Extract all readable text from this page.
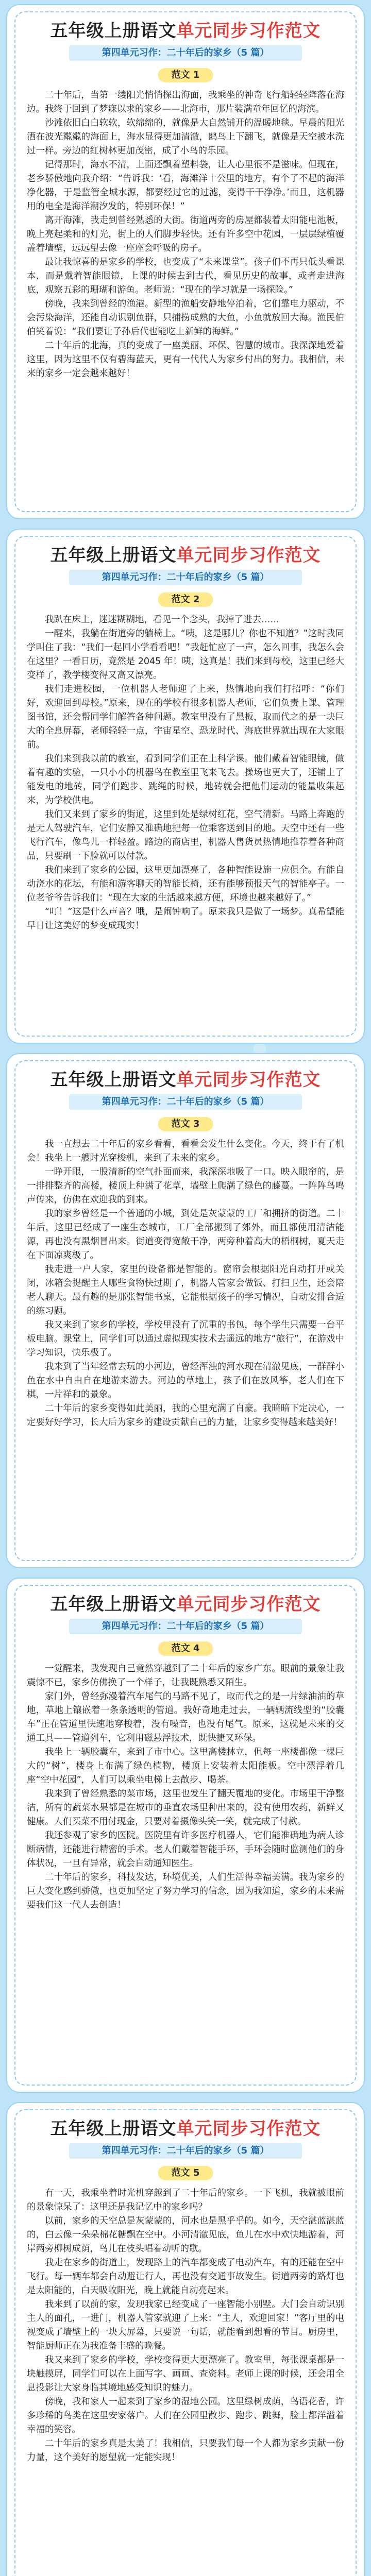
五年级上册语文单元同步习作范文
第四单元习作：二十年后的家乡（5 篇）
范文 1

二十年后，当第一缕阳光悄悄探出海面，我乘坐的神奇飞行船轻轻降落在海边。我终于回到了梦寐以求的家乡——北海市，那片装满童年回忆的海滨。

沙滩依旧白白软软，软绵绵的，就像是大自然铺开的温暖地毯。早晨的阳光洒在波光粼粼的海面上，海水显得更加清澈，鸥鸟上下翻飞，就像是天空被水洗过一样。旁边的红树林更加茂密，成了小鸟的乐园。

记得那时，海水不清，上面还飘着塑料袋，让人心里很不是滋味。但现在，老乡骄傲地向我介绍：“告诉我：‘看，海滩洋十公里的地方，有个了不起的海洋净化器，于是监管全城水源，都要经过它的过滤，变得干干净净。’而且，这机器用的电全是海洋潮汐发的，特别环保！”

离开海滩，我走到曾经熟悉的大街。街道两旁的房屋都装着太阳能电池板，晚上亮起柔和的灯光，街上的人们脚步轻快。还有许多空中花园，一层层绿植覆盖着墙壁，远远望去像一座座会呼吸的房子。

最让我惊喜的是家乡的学校，也变成了“未来课堂”。孩子们不再只低头看课本，而是戴着智能眼镜，上课的时候去到古代，看见历史的故事，或者走进海底，观察五彩的珊瑚和游鱼。老师说：“现在的学习就是一场探险。”

傍晚，我来到曾经的渔港。新型的渔船安静地停泊着，它们靠电力驱动，不会污染海洋，还能自动识别鱼群，只捕捞成熟的大鱼，小鱼就放回大海。渔民伯伯笑着说：“我们要让子孙后代也能吃上新鲜的海鲜。”

二十年后的北海，真的变成了一座美丽、环保、智慧的城市。我深深地爱着这里，因为这里不仅有碧海蓝天，更有一代代人为家乡付出的努力。我相信，未来的家乡一定会越来越好！

五年级上册语文单元同步习作范文
第四单元习作：二十年后的家乡（5 篇）
范文 2

我趴在床上，迷迷糊糊地，看见一个念头，我掉了进去……

一醒来，我躺在街道旁的躺椅上。“咦，这是哪儿？你也不知道？”这时我同学叫住了我：“我们一起回小学看看吧！”我赶忙应了一声，怎么回事，我怎么会在这里？一看日历，竟然是 2045 年！咦，这真是！我们来到母校，这里已经大变样了，教学楼变得又高又漂亮。

我们走进校园，一位机器人老师迎了上来，热情地向我们打招呼：“你们好，欢迎回到母校。”原来，现在的学校有很多机器人老师，它们负责上课、管理图书馆，还会帮同学们解答各种问题。教室里没有了黑板，取而代之的是一块巨大的全息屏幕，老师轻轻一点，宇宙星空、恐龙时代、海底世界就出现在大家眼前。

我们来到我以前的教室，看到同学们正在上科学课。他们戴着智能眼镜，做着有趣的实验，一只小小的机器鸟在教室里飞来飞去。操场也更大了，还铺上了能发电的地砖，同学们跑步、跳绳的时候，地砖就会把他们运动的能量收集起来，为学校供电。

我们又来到了家乡的街道，这里到处是绿树红花，空气清新。马路上奔跑的是无人驾驶汽车，它们安静又准确地把每一位乘客送到目的地。天空中还有一些飞行汽车，像鸟儿一样轻盈。路边的商店里，机器人售货员热情地推荐着各种商品，只要刷一下脸就可以付款。

我们来到了家乡的公园，这里更加漂亮了，各种智能设施一应俱全。有能自动浇水的花坛，有能和游客聊天的智能长椅，还有能够预报天气的智能亭子。一位老爷爷告诉我们：“现在大家的生活越来越方便，环境也越来越好了。”

“叮！”这是什么声音？哦，是闹钟响了。原来我只是做了一场梦。真希望能早日让这美好的梦变成现实！

五年级上册语文单元同步习作范文
第四单元习作：二十年后的家乡（5 篇）
范文 3

我一直想去二十年后的家乡看看，看看会发生什么变化。今天，终于有了机会！我坐上一艘时光穿梭机，来到了未来的家乡。

一睁开眼，一股清新的空气扑面而来，我深深地吸了一口。映入眼帘的，是一排排整齐的高楼，楼顶上种满了花草，墙壁上爬满了绿色的藤蔓。一阵阵鸟鸣声传来，仿佛在欢迎我的到来。

我的家乡曾经是一个普通的小城，到处是灰蒙蒙的工厂和拥挤的街道。二十年后，这里已经成了一座生态城市，工厂全部搬到了郊外，而且都使用清洁能源，再也没有黑烟冒出来。街道变得宽敞干净，两旁种着高大的梧桐树，夏天走在下面凉爽极了。

我走进一户人家，家里的设备都是智能的。窗帘会根据阳光自动打开或关闭，冰箱会提醒主人哪些食物快过期了，机器人管家会做饭、打扫卫生，还会陪老人聊天。最有趣的是那张智能书桌，它能根据孩子的学习情况，自动安排合适的练习题。

我又来到了家乡的学校，学校里没有了沉重的书包，每个学生只需要一台平板电脑。课堂上，同学们可以通过虚拟现实技术去遥远的地方“旅行”，在游戏中学习知识，快乐极了。

我来到了当年经常去玩的小河边，曾经浑浊的河水现在清澈见底，一群群小鱼在水中自由自在地游来游去。河边的草地上，孩子们在放风筝，老人们在下棋，一片祥和的景象。

二十年后的家乡变得如此美丽，我的心里充满了自豪。我暗暗下定决心，一定要好好学习，长大后为家乡的建设贡献自己的力量，让家乡变得越来越美好！

五年级上册语文单元同步习作范文
第四单元习作：二十年后的家乡（5 篇）
范文 4

一觉醒来，我发现自己竟然穿越到了二十年后的家乡广东。眼前的景象让我震惊不已，家乡仿佛换了一个样子，让我既熟悉又陌生。

家门外，曾经弥漫着汽车尾气的马路不见了，取而代之的是一片绿油油的草地，草地上镶嵌着一条条透明的管道。我好奇地走过去，一辆辆流线型的“胶囊车”正在管道里快速地穿梭着，没有噪音，也没有尾气。原来，这就是未来的交通工具——管道列车，它利用磁悬浮技术，既快捷又环保。

我坐上一辆胶囊车，来到了市中心。这里高楼林立，但每一座楼都像一棵巨大的“树”，楼身上布满了绿色植物，楼顶上安装着太阳能板。空中漂浮着几座“空中花园”，人们可以乘坐电梯上去散步、喝茶。

我来到了曾经熟悉的菜市场，这里也发生了翻天覆地的变化。市场里干净整洁，所有的蔬菜水果都是在城市的垂直农场里种出来的，没有使用农药，新鲜又健康。人们买菜不用付现金，只要对着摄像头笑一笑，就完成了付款。

我还参观了家乡的医院。医院里有许多医疗机器人，它们能准确地为病人诊断病情，还能进行精密的手术。老人们戴着智能手环，手环会随时监测他们的身体状况，一旦有异常，就会自动通知医生。

二十年后的家乡，科技发达，环境优美，人们生活得幸福美满。我为家乡的巨大变化感到骄傲，也更加坚定了努力学习的信念，因为我知道，家乡的未来需要我们这一代人去创造！

五年级上册语文单元同步习作范文
第四单元习作：二十年后的家乡（5 篇）
范文 5

有一天，我乘坐着时光机穿越到了二十年后的家乡。一下飞机，我就被眼前的景象惊呆了：这里还是我记忆中的家乡吗？

以前，家乡的天空总是灰蒙蒙的，河水也是黑乎乎的。如今，天空湛蓝湛蓝的，白云像一朵朵棉花糖飘在空中。小河清澈见底，鱼儿在水中欢快地游着，河岸两旁柳树成荫，鸟儿在枝头唱着动听的歌。

我走在家乡的街道上，发现路上的汽车都变成了电动汽车，有的还能在空中飞行。每一辆车都会自动避让行人，再也没有交通事故发生。街道两旁的路灯也是太阳能的，白天吸收阳光，晚上就能自动亮起来。

我来到了以前的家，发现我家已经变成了一座智能小别墅。大门会自动识别主人的面孔，一进门，机器人管家就迎了上来：“主人，欢迎回家！”客厅里的电视变成了墙壁上的一块大屏幕，只要说一句话，就能看到想看的节目。厨房里，智能厨师正在为我准备丰盛的晚餐。

我又来到了家乡的学校，学校变得更大更漂亮了。教室里，每张课桌都是一块触摸屏，同学们可以在上面写字、画画、查资料。老师上课的时候，还会用全息投影让大家身临其境地感受知识的魅力。

傍晚，我和家人一起来到了家乡的湿地公园。这里绿树成荫，鸟语花香，许多珍稀的鸟类在这里安家落户。人们在公园里散步、跑步、跳舞，脸上都洋溢着幸福的笑容。

二十年后的家乡真是太美了！我相信，只要我们每一个人都为家乡贡献一份力量，这个美好的愿望就一定能实现！
